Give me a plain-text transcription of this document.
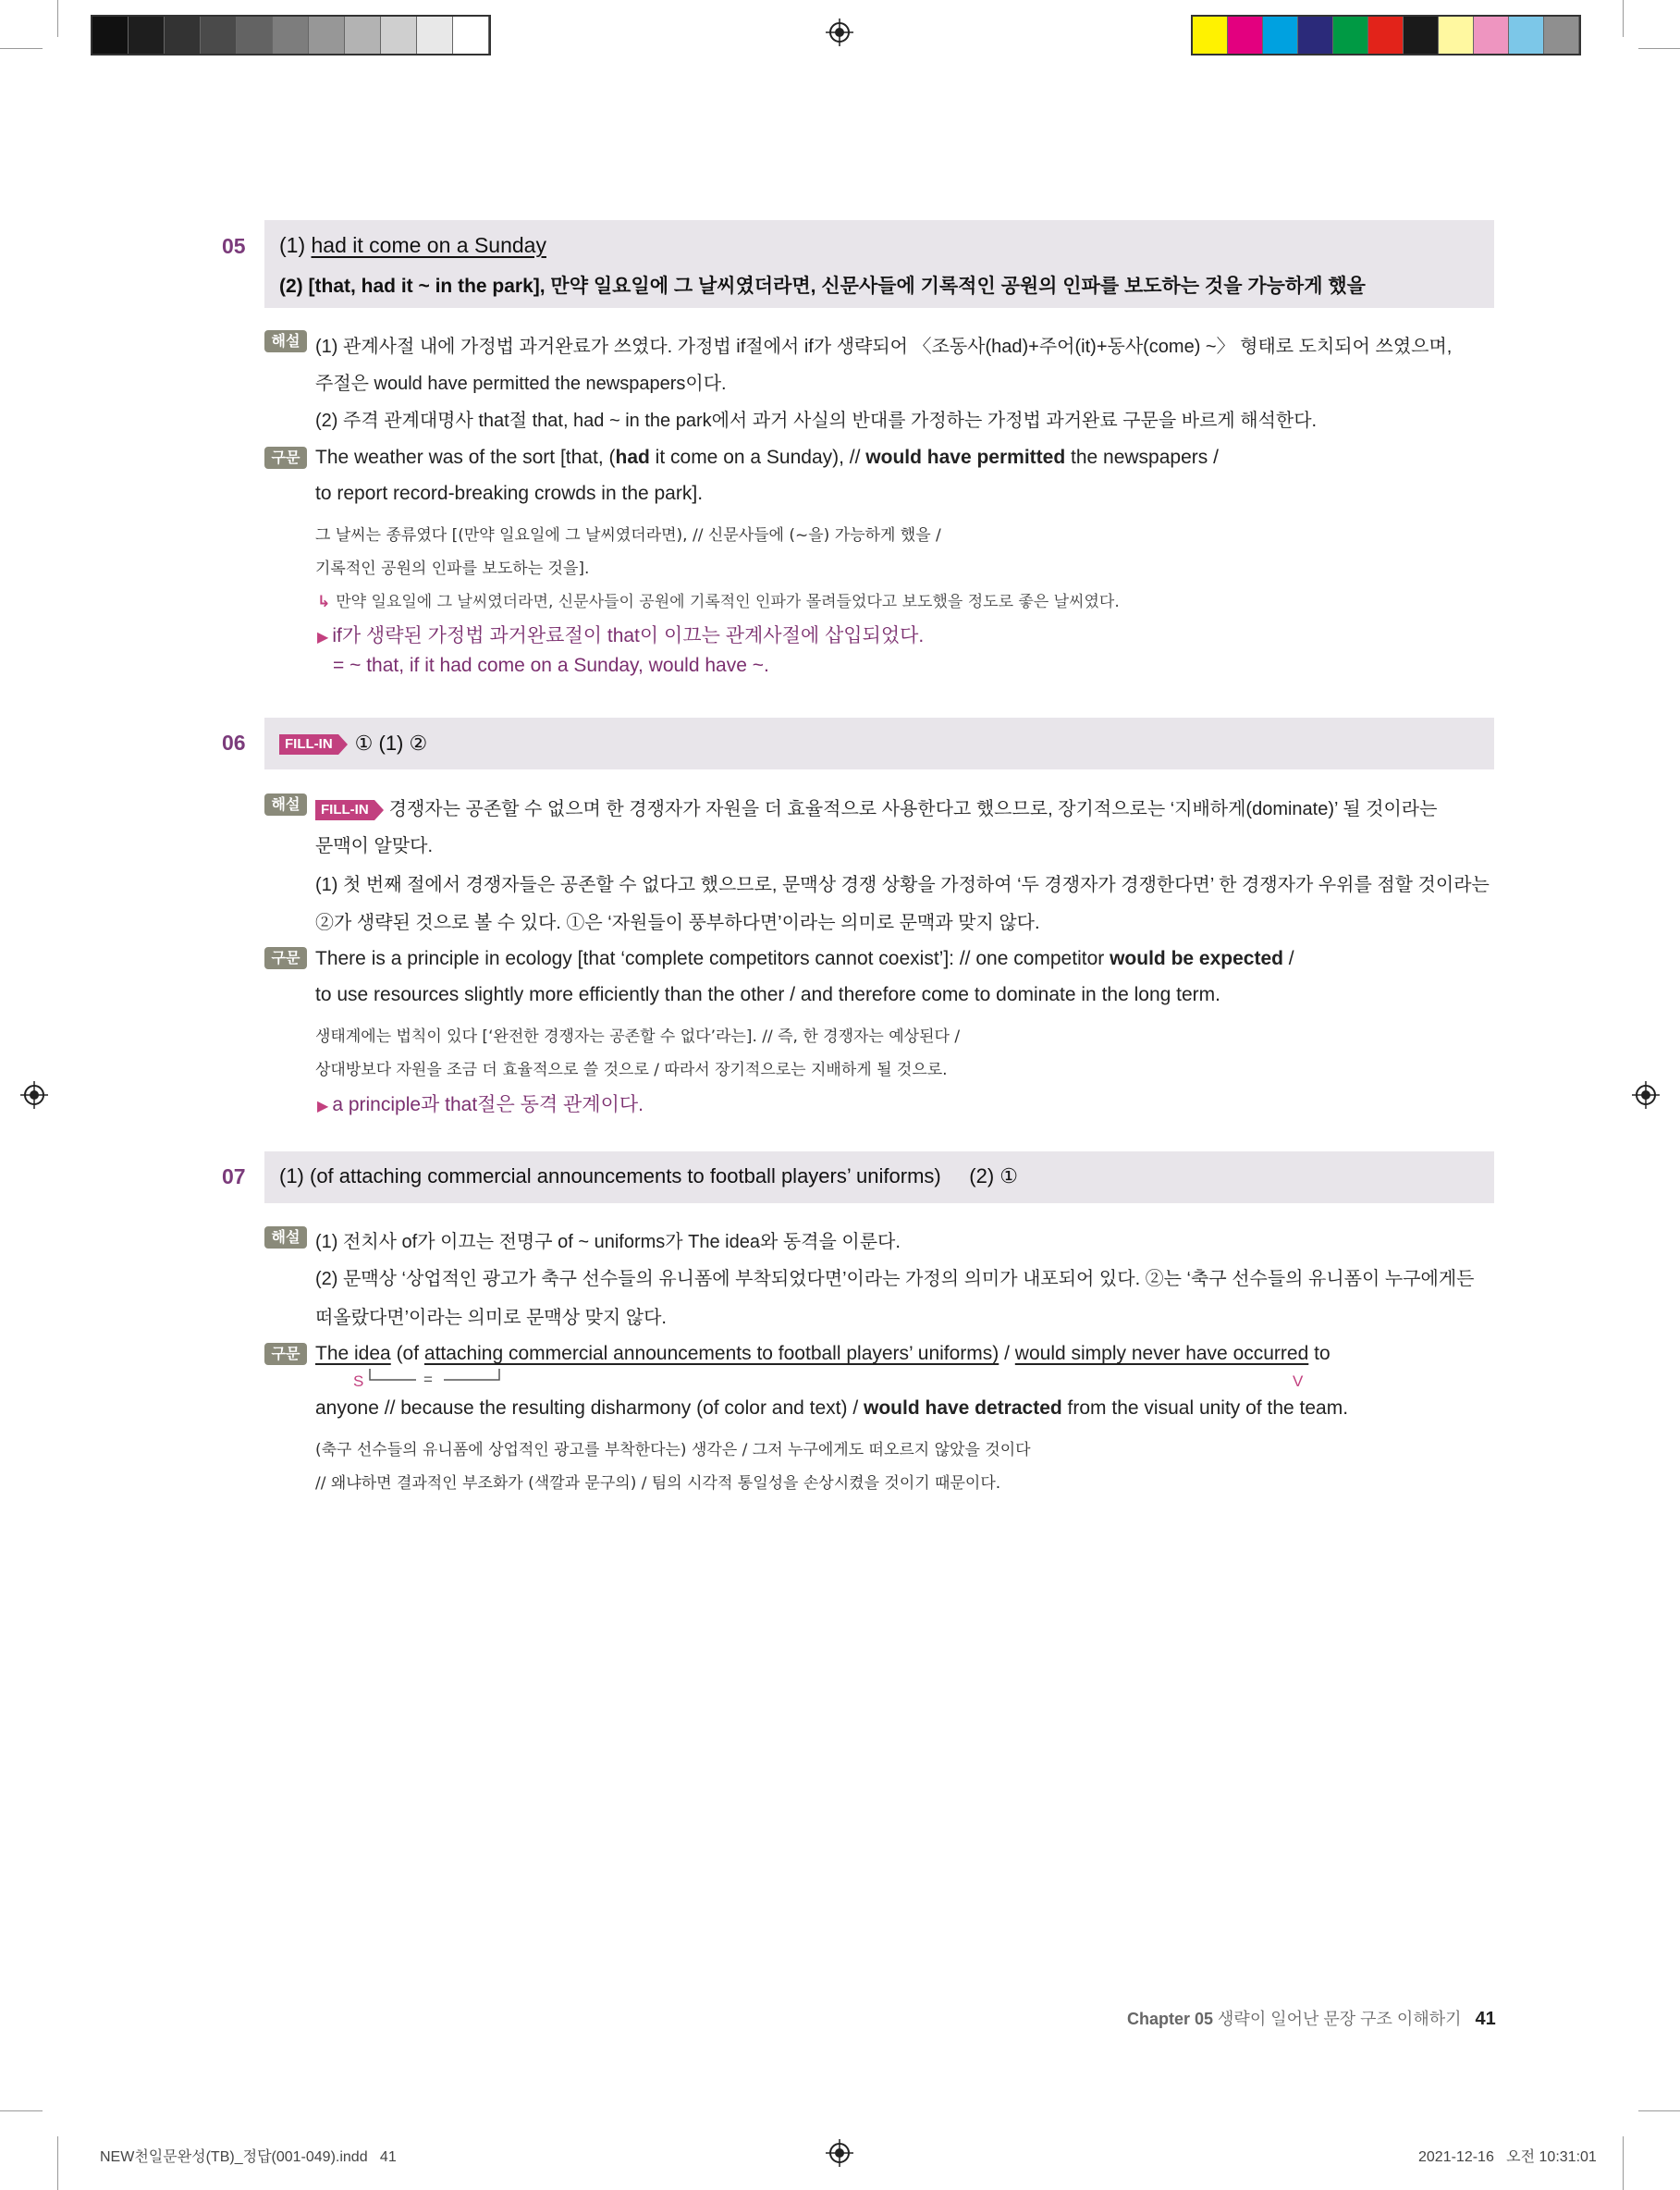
05 (1) had it come on a Sunday
(2) [that, had it ~ in the park], 만약 일요일에 그 날씨였더라면, 신문사들에 기록적인 공원의 인파를 보도하는 것을 가능하게 했을
해설 (1) 관계사절 내에 가정법 과거완료가 쓰였다. 가정법 if절에서 if가 생략되어 〈조동사(had)+주어(it)+동사(come) ~〉 형태로 도치되어 쓰였으며,
주절은 would have permitted the newspapers이다.
(2) 주격 관계대명사 that절 that, had ~ in the park에서 과거 사실의 반대를 가정하는 가정법 과거완료 구문을 바르게 해석한다.
구문 The weather was of the sort [that, (had it come on a Sunday), // would have permitted the newspapers /
to report record-breaking crowds in the park].
그 날씨는 종류였다 [(만약 일요일에 그 날씨였더라면), // 신문사들에 (~을) 가능하게 했을 /
기록적인 공원의 인파를 보도하는 것을].
↳ 만약 일요일에 그 날씨였더라면, 신문사들이 공원에 기록적인 인파가 몰려들었다고 보도했을 정도로 좋은 날씨였다.
▶ if가 생략된 가정법 과거완료절이 that이 이끄는 관계사절에 삽입되었다.
= ~ that, if it had come on a Sunday, would have ~.
06	FILL-IN ① (1) ②
해설	FILL-IN 경쟁자는 공존할 수 없으며 한 경쟁자가 자원을 더 효율적으로 사용한다고 했으므로, 장기적으로는 ‘지배하게(dominate)’ 될 것이라는
문맥이 알맞다.
(1) 첫 번째 절에서 경쟁자들은 공존할 수 없다고 했으므로, 문맥상 경쟁 상황을 가정하여 ‘두 경쟁자가 경쟁한다면’ 한 경쟁자가 우위를 점할 것이라는
②가 생략된 것으로 볼 수 있다. ①은 ‘자원들이 풍부하다면’이라는 의미로 문맥과 맞지 않다.
구문 There is a principle in ecology [that ‘complete competitors cannot coexist’]: // one competitor would be expected /
to use resources slightly more efficiently than the other / and therefore come to dominate in the long term.
생태계에는 법칙이 있다 [‘완전한 경쟁자는 공존할 수 없다’라는]. // 즉, 한 경쟁자는 예상된다 /
상대방보다 자원을 조금 더 효율적으로 쓸 것으로 / 따라서 장기적으로는 지배하게 될 것으로.
▶ a principle과 that절은 동격 관계이다.
07 (1) (of attaching commercial announcements to football players’ uniforms)     (2) ①
해설 (1) 전치사 of가 이끄는 전명구 of ~ uniforms가 The idea와 동격을 이룬다.
(2) 문맥상 ‘상업적인 광고가 축구 선수들의 유니폼에 부착되었다면’이라는 가정의 의미가 내포되어 있다. ②는 ‘축구 선수들의 유니폼이 누구에게든
떠올랐다면’이라는 의미로 문맥상 맞지 않다.
구문 The idea (of attaching commercial announcements to football players’ uniforms) / would simply never have occurred to
S	=	V
anyone // because the resulting disharmony (of color and text) / would have detracted from the visual unity of the team.
(축구 선수들의 유니폼에 상업적인 광고를 부착한다는) 생각은 / 그저 누구에게도 떠오르지 않았을 것이다
// 왜냐하면 결과적인 부조화가 (색깔과 문구의) / 팀의 시각적 통일성을 손상시켰을 것이기 때문이다.
Chapter 05 생략이 일어난 문장 구조 이해하기 41
NEW천일문완성(TB)_정답(001-049).indd   41	2021-12-16   오전 10:31:01
